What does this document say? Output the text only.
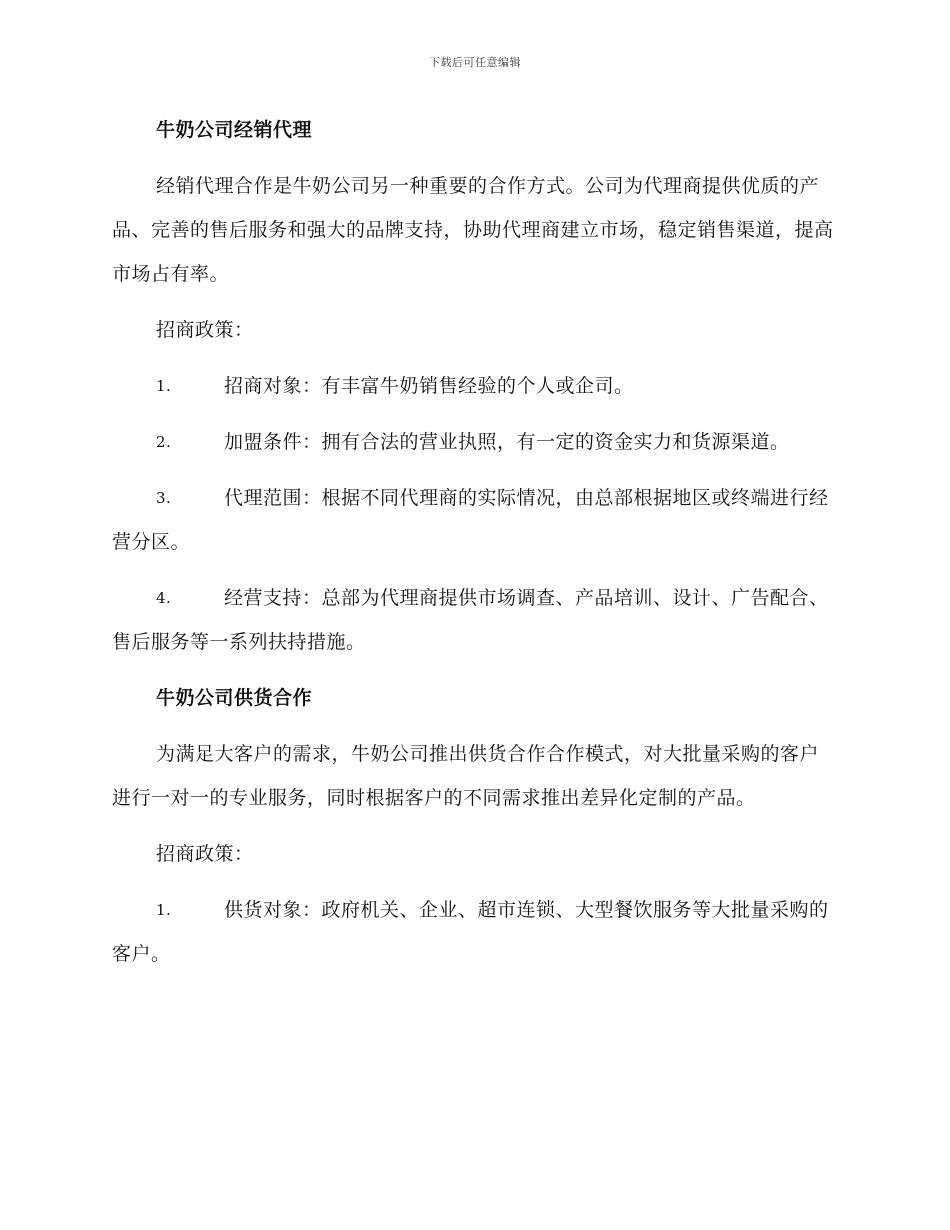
下载后可任意编辑
牛奶公司经销代理
经销代理合作是牛奶公司另一种重要的合作方式。公司为代理商提供优质的产品、完善的售后服务和强大的品牌支持，协助代理商建立市场，稳定销售渠道，提高市场占有率。
招商政策：
1.	招商对象：有丰富牛奶销售经验的个人或企司。
2.	加盟条件：拥有合法的营业执照，有一定的资金实力和货源渠道。
3.	代理范围：根据不同代理商的实际情况，由总部根据地区或终端进行经营分区。
4.	经营支持：总部为代理商提供市场调查、产品培训、设计、广告配合、售后服务等一系列扶持措施。
牛奶公司供货合作
为满足大客户的需求，牛奶公司推出供货合作合作模式，对大批量采购的客户进行一对一的专业服务，同时根据客户的不同需求推出差异化定制的产品。
招商政策：
1.	供货对象：政府机关、企业、超市连锁、大型餐饮服务等大批量采购的客户。
